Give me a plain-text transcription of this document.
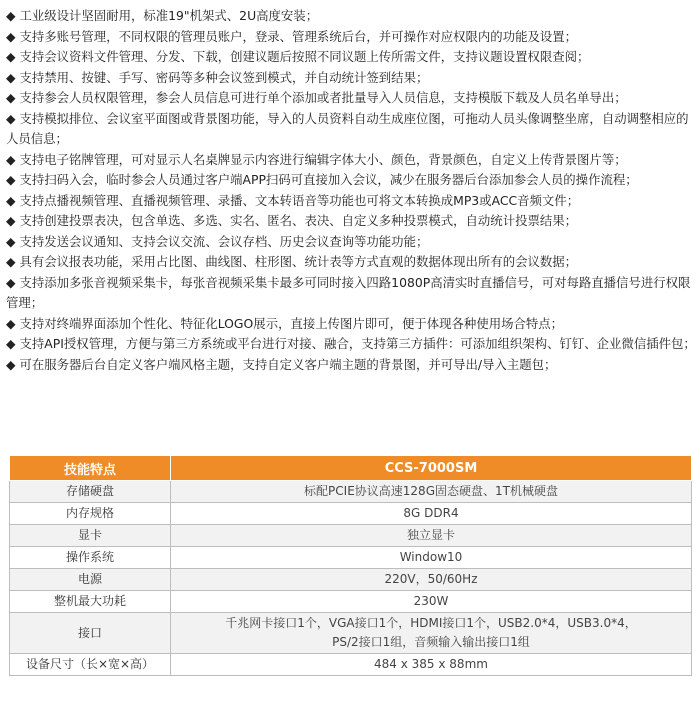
◆ 工业级设计坚固耐用，标准19"机架式、2U高度安装；

◆ 支持多账号管理，不同权限的管理员账户，登录、管理系统后台，并可操作对应权限内的功能及设置；

◆ 支持会议资料文件管理、分发、下载，创建议题后按照不同议题上传所需文件，支持议题设置权限查阅；

◆ 支持禁用、按键、手写、密码等多种会议签到模式，并自动统计签到结果；

◆ 支持参会人员权限管理，参会人员信息可进行单个添加或者批量导入人员信息，支持模版下载及人员名单导出；

◆ 支持模拟排位、会议室平面图或背景图功能，导入的人员资料自动生成座位图，可拖动人员头像调整坐席，自动调整相应的人员信息；

◆ 支持电子铭牌管理，可对显示人名桌牌显示内容进行编辑字体大小、颜色，背景颜色，自定义上传背景图片等；

◆ 支持扫码入会，临时参会人员通过客户端APP扫码可直接加入会议，减少在服务器后台添加参会人员的操作流程；

◆ 支持点播视频管理、直播视频管理、录播、文本转语音等功能也可将文本转换成MP3或ACC音频文件；

◆ 支持创建投票表决，包含单选、多选、实名、匿名、表决、自定义多种投票模式，自动统计投票结果；

◆ 支持发送会议通知、支持会议交流、会议存档、历史会议查询等功能功能；

◆ 具有会议报表功能，采用占比图、曲线图、柱形图、统计表等方式直观的数据体现出所有的会议数据；

◆ 支持添加多张音视频采集卡，每张音视频采集卡最多可同时接入四路1080P高清实时直播信号，可对每路直播信号进行权限管理；

◆ 支持对终端界面添加个性化、特征化LOGO展示，直接上传图片即可，便于体现各种使用场合特点；

◆ 支持API授权管理，方便与第三方系统或平台进行对接、融合，支持第三方插件：可添加组织架构、钉钉、企业微信插件包；

◆ 可在服务器后台自定义客户端风格主题，支持自定义客户端主题的背景图，并可导出/导入主题包；

技能特点	CCS-7000SM
存储硬盘	标配PCIE协议高速128G固态硬盘、1T机械硬盘
内存规格	8G DDR4
显卡	独立显卡
操作系统	Window10
电源	220V，50/60Hz
整机最大功耗	230W
接口	千兆网卡接口1个，VGA接口1个，HDMI接口1个，USB2.0*4，USB3.0*4，
PS/2接口1组，音频输入输出接口1组

设备尺寸（长×宽×高）	484 x 385 x 88mm
